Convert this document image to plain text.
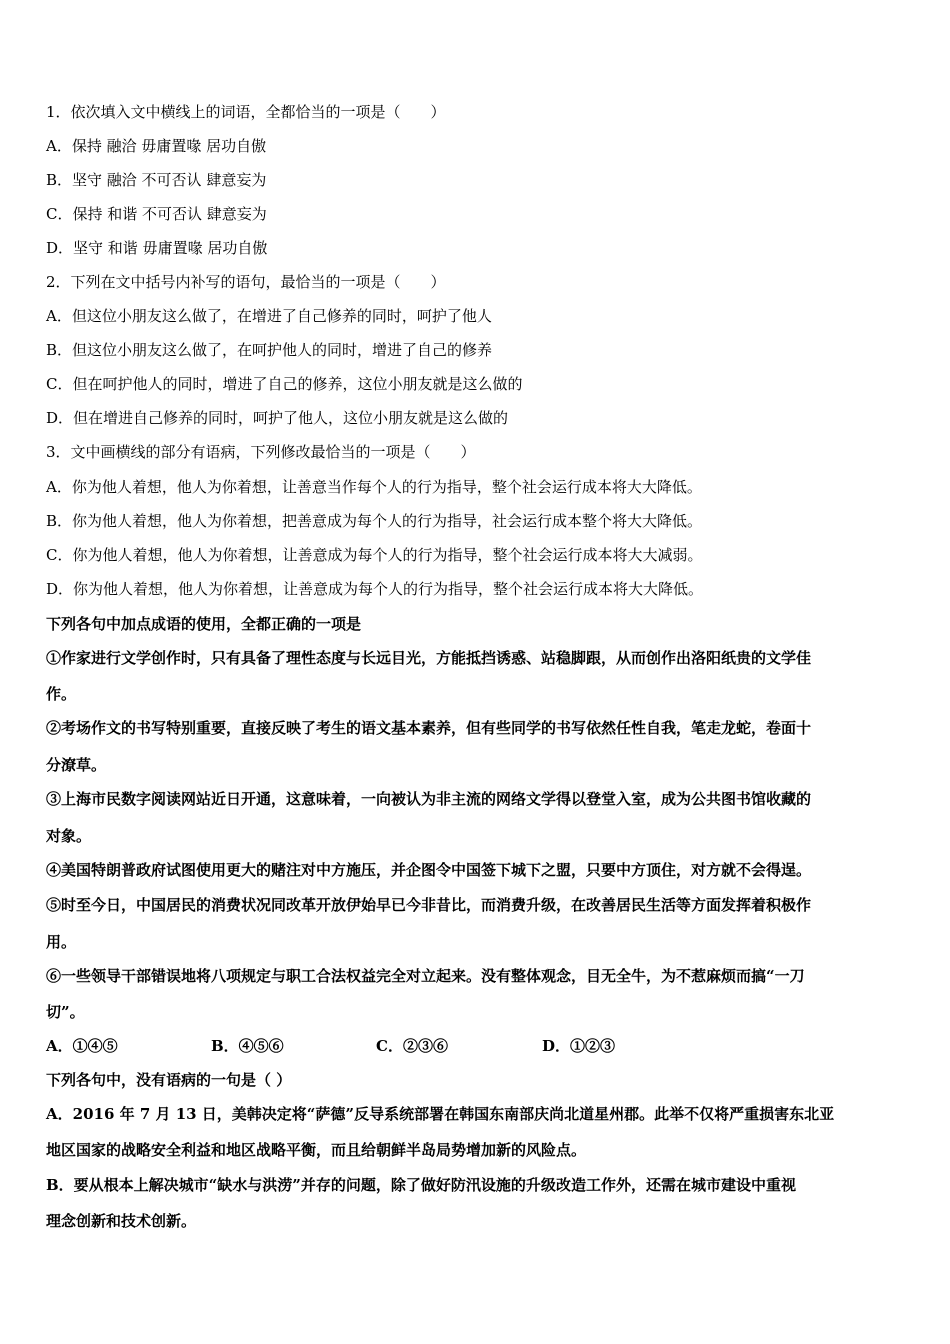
1．依次填入文中横线上的词语，全都恰当的一项是（　　）
A．保持 融洽 毋庸置喙 居功自傲
B．坚守 融洽 不可否认 肆意妄为
C．保持 和谐 不可否认 肆意妄为
D．坚守 和谐 毋庸置喙 居功自傲
2．下列在文中括号内补写的语句，最恰当的一项是（　　）
A．但这位小朋友这么做了，在增进了自己修养的同时，呵护了他人
B．但这位小朋友这么做了，在呵护他人的同时，增进了自己的修养
C．但在呵护他人的同时，增进了自己的修养，这位小朋友就是这么做的
D．但在增进自己修养的同时，呵护了他人，这位小朋友就是这么做的
3．文中画横线的部分有语病，下列修改最恰当的一项是（　　）
A．你为他人着想，他人为你着想，让善意当作每个人的行为指导，整个社会运行成本将大大降低。
B．你为他人着想，他人为你着想，把善意成为每个人的行为指导，社会运行成本整个将大大降低。
C．你为他人着想，他人为你着想，让善意成为每个人的行为指导，整个社会运行成本将大大减弱。
D．你为他人着想，他人为你着想，让善意成为每个人的行为指导，整个社会运行成本将大大降低。
下列各句中加点成语的使用，全都正确的一项是
①作家进行文学创作时，只有具备了理性态度与长远目光，方能抵挡诱惑、站稳脚跟，从而创作出洛阳纸贵的文学佳
作。
②考场作文的书写特别重要，直接反映了考生的语文基本素养，但有些同学的书写依然任性自我，笔走龙蛇，卷面十
分潦草。
③上海市民数字阅读网站近日开通，这意味着，一向被认为非主流的网络文学得以登堂入室，成为公共图书馆收藏的
对象。
④美国特朗普政府试图使用更大的赌注对中方施压，并企图令中国签下城下之盟，只要中方顶住，对方就不会得逞。
⑤时至今日，中国居民的消费状况同改革开放伊始早已今非昔比，而消费升级，在改善居民生活等方面发挥着积极作
用。
⑥一些领导干部错误地将八项规定与职工合法权益完全对立起来。没有整体观念，目无全牛，为不惹麻烦而搞“一刀
切”。
A．①④⑤	B．④⑤⑥	C．②③⑥	D．①②③
下列各句中，没有语病的一句是（ ）
A．2016 年 7 月 13 日，美韩决定将“萨德”反导系统部署在韩国东南部庆尚北道星州郡。此举不仅将严重损害东北亚
地区国家的战略安全利益和地区战略平衡，而且给朝鲜半岛局势增加新的风险点。
B．要从根本上解决城市“缺水与洪涝”并存的问题，除了做好防汛设施的升级改造工作外，还需在城市建设中重视
理念创新和技术创新。
